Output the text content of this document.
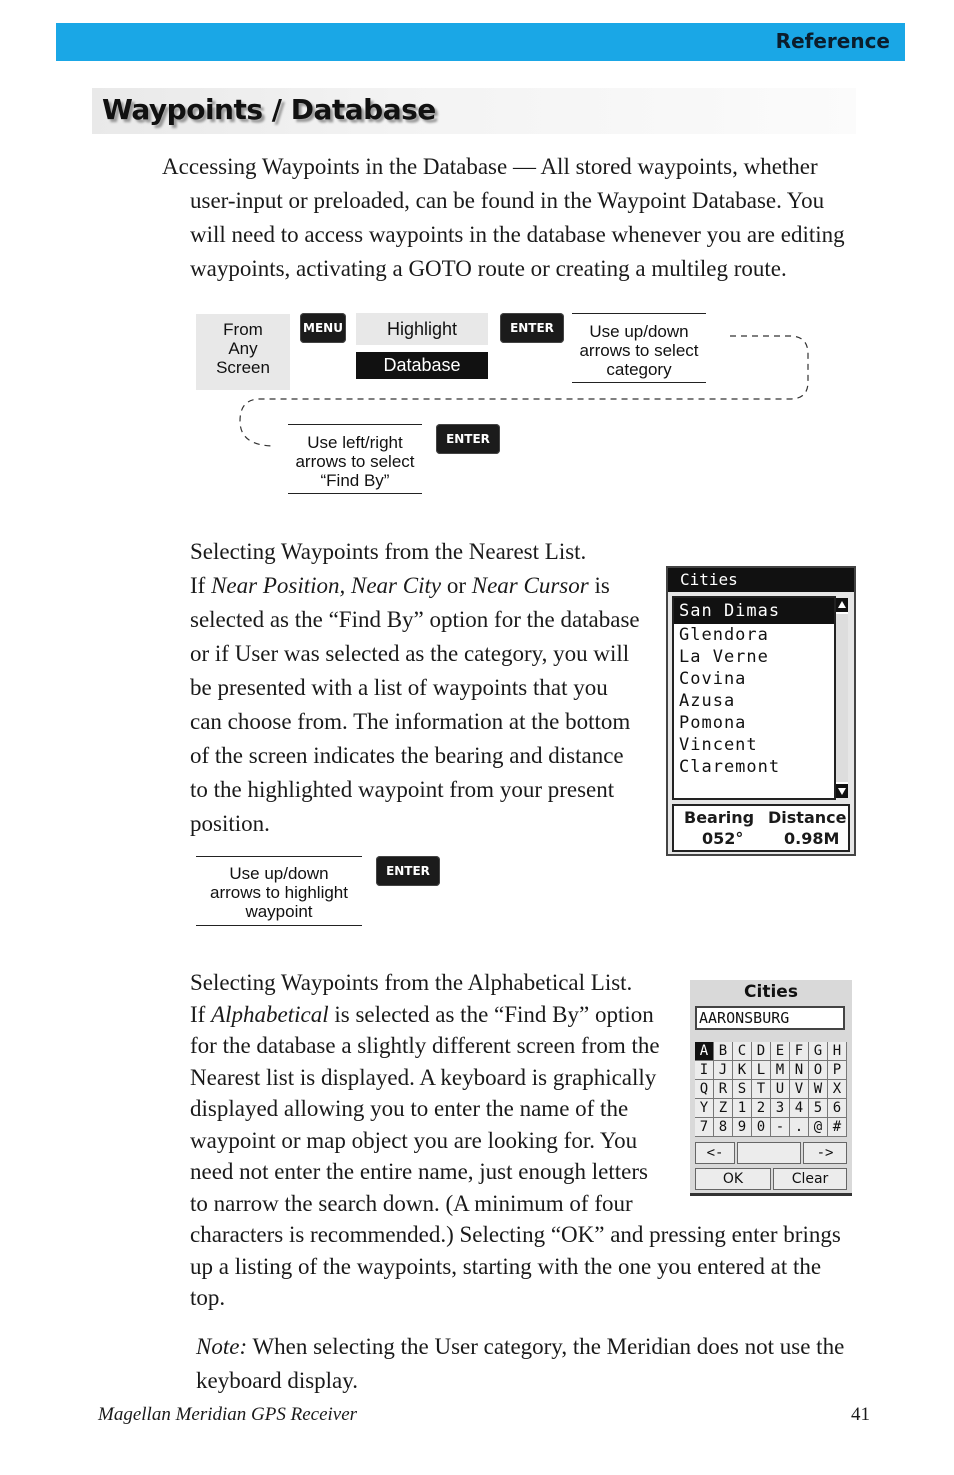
Reference
Waypoints / Database
Accessing Waypoints in the Database — All stored waypoints, whether
user-input or preloaded, can be found in the Waypoint Database. You
will need to access waypoints in the database whenever you are editing
waypoints, activating a GOTO route or creating a multileg route.
From
Any
Screen
MENU	Highlight
Database
ENTER	Use up/down
arrows to select
category
Use left/right
arrows to select
“Find By”
ENTER
Selecting Waypoints from the Nearest List.
If Near Position, Near City or Near Cursor is
selected as the “Find By” option for the database
or if User was selected as the category, you will
be presented with a list of waypoints that you
can choose from. The information at the bottom
of the screen indicates the bearing and distance
to the highlighted waypoint from your present
position.
Cities
San Dimas
Glendora
La Verne
Covina
Azusa
Pomona
Vincent
Claremont
Bearing Distance
052°	0.98M
Use up/down
arrows to highlight
waypoint
ENTER
Selecting Waypoints from the Alphabetical List.
If Alphabetical is selected as the “Find By” option
for the database a slightly different screen from the
Nearest list is displayed. A keyboard is graphically
displayed allowing you to enter the name of the
waypoint or map object you are looking for. You
need not enter the entire name, just enough letters
to narrow the search down. (A minimum of four
characters is recommended.) Selecting “OK” and pressing enter brings
up a listing of the waypoints, starting with the one you entered at the
top.
Cities
AARONSBURG
A B C D E F G H
I J K L M N O P
Q R S T U V W X
Y Z 1 2 3 4 5 6
7 8 9 0 - . @ #
<-	->
OK	Clear
Note: When selecting the User category, the Meridian does not use the
keyboard display.
Magellan Meridian GPS Receiver	41
